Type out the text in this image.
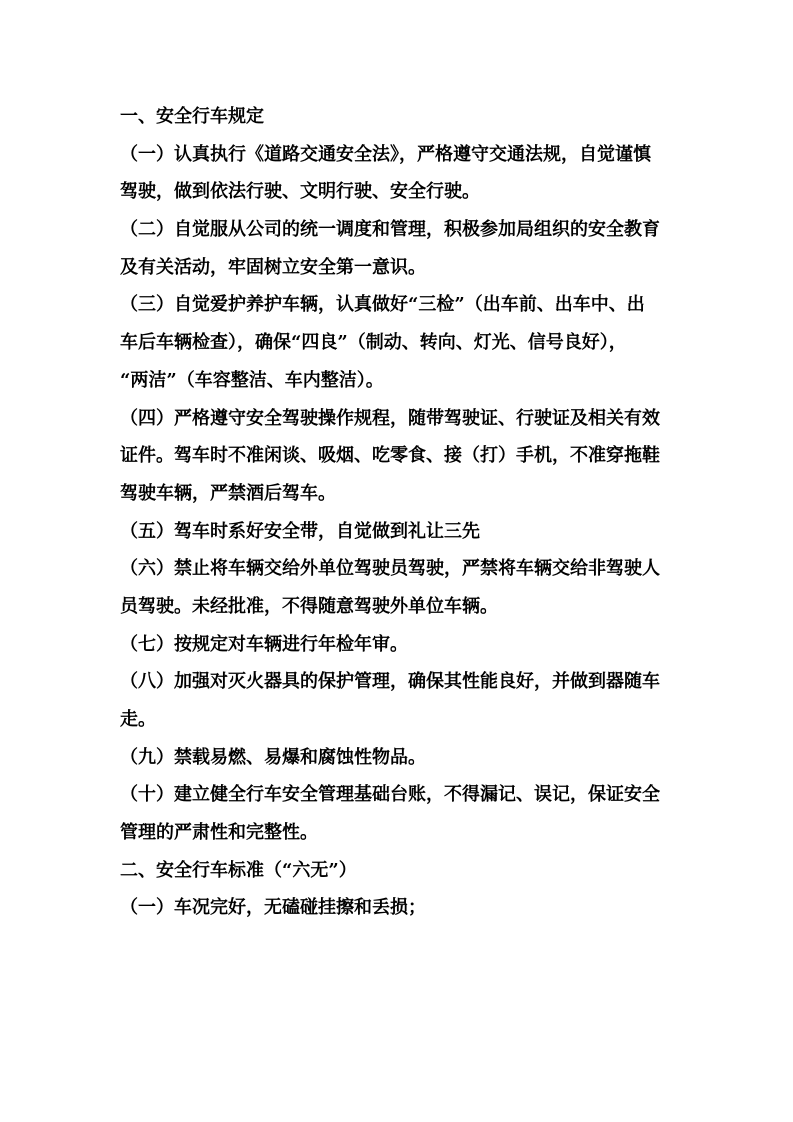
一、安全行车规定
（一）认真执行《道路交通安全法》，严格遵守交通法规，自觉谨慎
驾驶，做到依法行驶、文明行驶、安全行驶。
（二）自觉服从公司的统一调度和管理，积极参加局组织的安全教育
及有关活动，牢固树立安全第一意识。
（三）自觉爱护养护车辆，认真做好“三检”（出车前、出车中、出
车后车辆检查），确保“四良”（制动、转向、灯光、信号良好），
“两洁”（车容整洁、车内整洁）。
（四）严格遵守安全驾驶操作规程，随带驾驶证、行驶证及相关有效
证件。驾车时不准闲谈、吸烟、吃零食、接（打）手机，不准穿拖鞋
驾驶车辆，严禁酒后驾车。
（五）驾车时系好安全带，自觉做到礼让三先
（六）禁止将车辆交给外单位驾驶员驾驶，严禁将车辆交给非驾驶人
员驾驶。未经批准，不得随意驾驶外单位车辆。
（七）按规定对车辆进行年检年审。
（八）加强对灭火器具的保护管理，确保其性能良好，并做到器随车
走。
（九）禁载易燃、易爆和腐蚀性物品。
（十）建立健全行车安全管理基础台账，不得漏记、误记，保证安全
管理的严肃性和完整性。
二、安全行车标准（“六无”）
（一）车况完好，无磕碰挂擦和丢损；
